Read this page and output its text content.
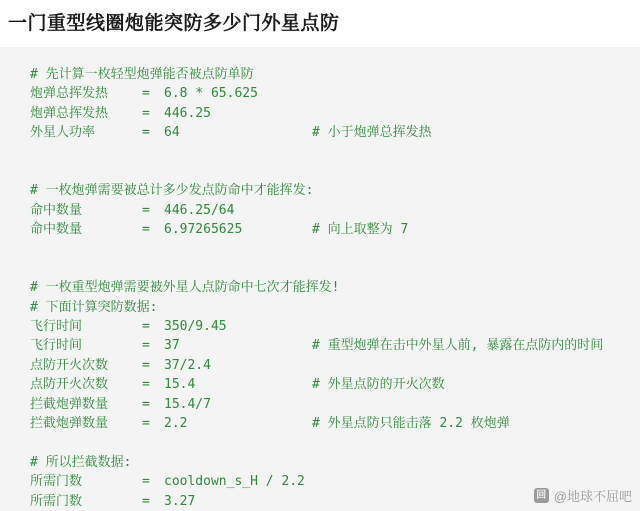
一门重型线圈炮能突防多少门外星点防
# 先计算一枚轻型炮弹能否被点防单防
炮弹总挥发热	= 6.8 * 65.625
炮弹总挥发热	= 446.25
外星人功率	= 64	# 小于炮弹总挥发热
# 一枚炮弹需要被总计多少发点防命中才能挥发:
命中数量	= 446.25/64
命中数量	= 6.97265625	# 向上取整为 7
# 一枚重型炮弹需要被外星人点防命中七次才能挥发!
# 下面计算突防数据:
飞行时间	= 350/9.45
飞行时间	= 37	# 重型炮弹在击中外星人前, 暴露在点防内的时间
点防开火次数	= 37/2.4
点防开火次数	= 15.4	# 外星点防的开火次数
拦截炮弹数量	= 15.4/7
拦截炮弹数量	= 2.2	# 外星点防只能击落 2.2 枚炮弹
# 所以拦截数据:
所需门数	= cooldown_s_H / 2.2
所需门数	= 3.27	回 @地球不屈吧
